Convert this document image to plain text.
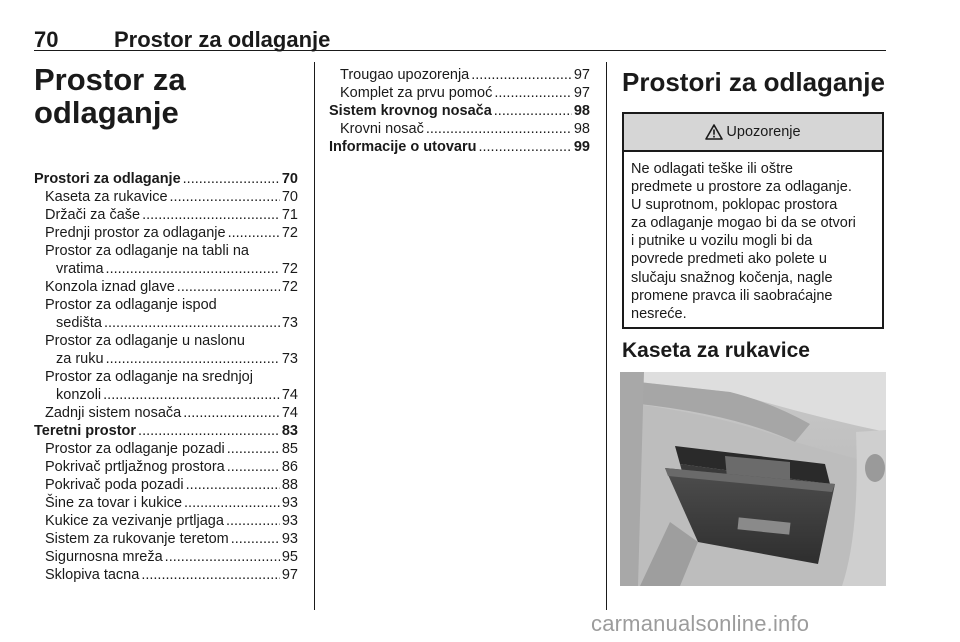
70	Prostor za odlaganje
Prostor za
odlaganje
Prostori za odlaganje .....	70
Kaseta za rukavice .....	70
Držači za čaše .....	71
Prednji prostor za odlaganje .....	72
Prostor za odlaganje na tabli na
vratima .....	72
Konzola iznad glave .....	72
Prostor za odlaganje ispod
sedišta .....	73
Prostor za odlaganje u naslonu
za ruku .....	73
Prostor za odlaganje na srednjoj
konzoli .....	74
Zadnji sistem nosača .....	74
Teretni prostor .....	83
Prostor za odlaganje pozadi .....	85
Pokrivač prtljažnog prostora .....	86
Pokrivač poda pozadi .....	88
Šine za tovar i kukice .....	93
Kukice za vezivanje prtljaga .....	93
Sistem za rukovanje teretom .....	93
Sigurnosna mreža .....	95
Sklopiva tacna .....	97
Trougao upozorenja .....	97
Komplet za prvu pomoć .....	97
Sistem krovnog nosača .....	98
Krovni nosač .....	98
Informacije o utovaru .....	99
Prostori za odlaganje
Upozorenje
Ne odlagati teške ili oštre
predmete u prostore za odlaganje.
U suprotnom, poklopac prostora
za odlaganje mogao bi da se otvori
i putnike u vozilu mogli bi da
povrede predmeti ako polete u
slučaju snažnog kočenja, nagle
promene pravca ili saobraćajne
nesreće.
Kaseta za rukavice
carmanualsonline.info
